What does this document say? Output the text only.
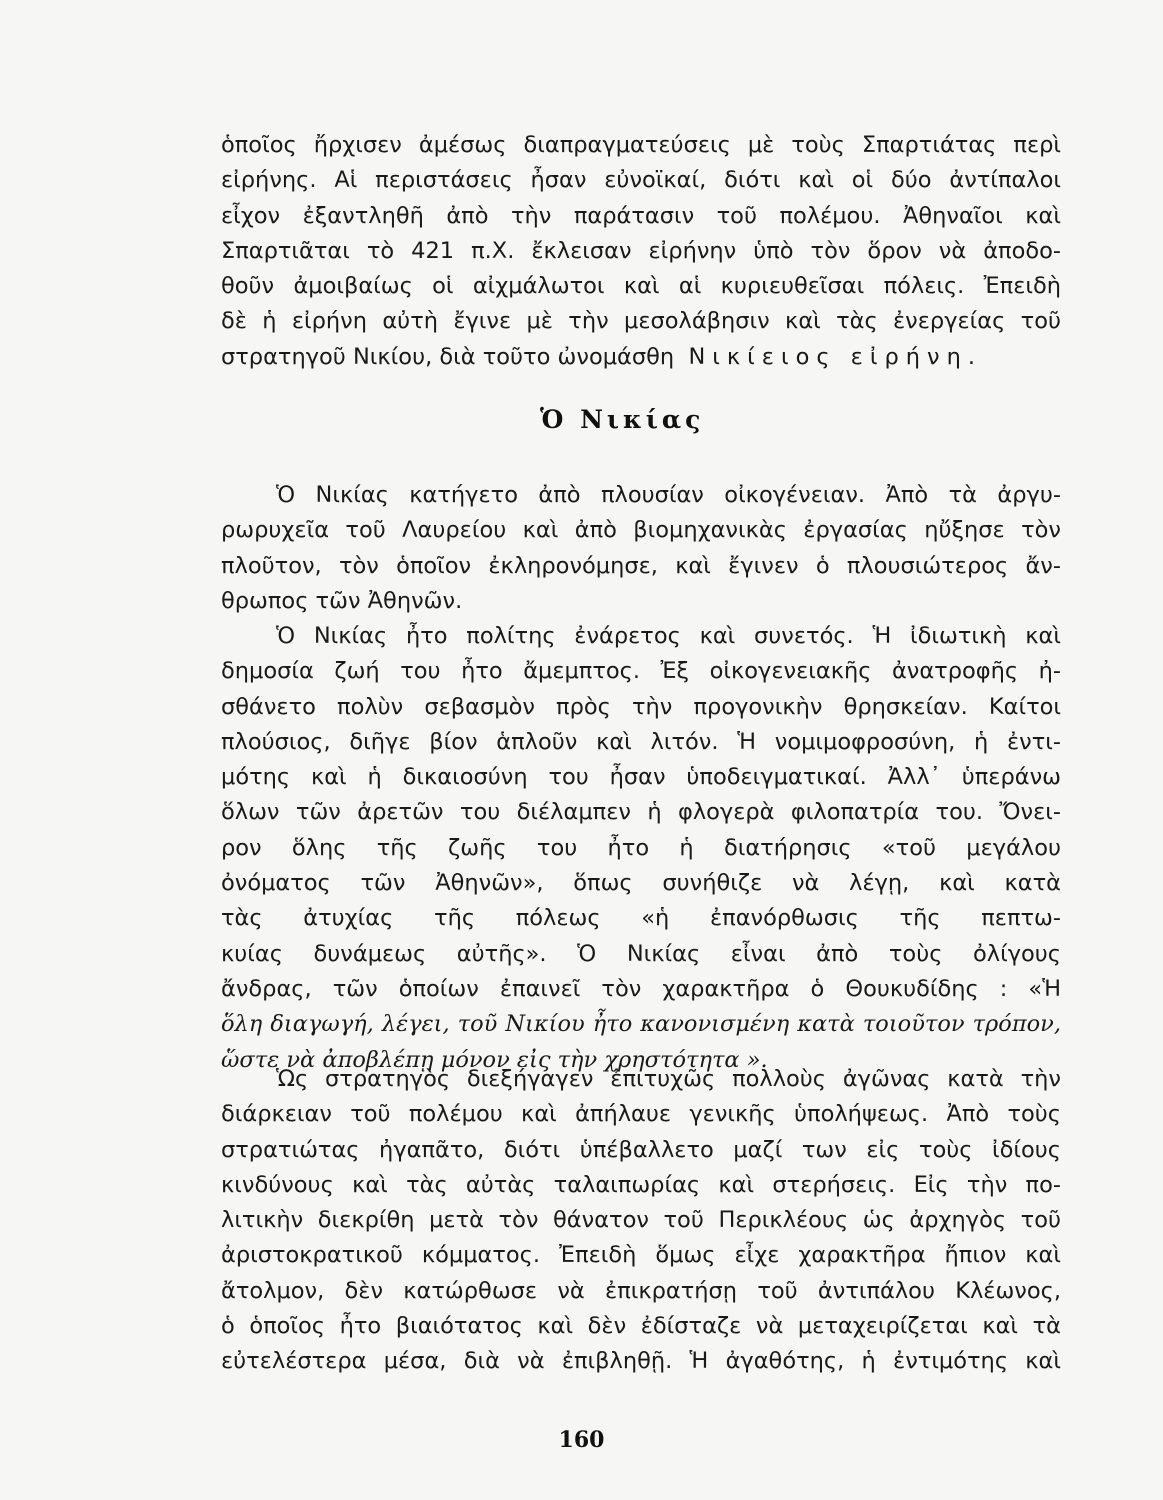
ὁποῖος ἤρχισεν ἀμέσως διαπραγματεύσεις μὲ τοὺς Σπαρτιάτας περὶ
εἰρήνης. Αἱ περιστάσεις ἦσαν εὐνοϊκαί, διότι καὶ οἱ δύο ἀντίπαλοι
εἶχον ἐξαντληθῆ ἀπὸ τὴν παράτασιν τοῦ πολέμου. Ἀθηναῖοι καὶ
Σπαρτιᾶται τὸ 421 π.Χ. ἔκλεισαν εἰρήνην ὑπὸ τὸν ὅρον νὰ ἀποδο-
θοῦν ἀμοιβαίως οἱ αἰχμάλωτοι καὶ αἱ κυριευθεῖσαι πόλεις. Ἐπειδὴ
δὲ ἡ εἰρήνη αὐτὴ ἔγινε μὲ τὴν μεσολάβησιν καὶ τὰς ἐνεργείας τοῦ
στρατηγοῦ Νικίου, διὰ τοῦτο ὠνομάσθη Νικίειος εἰρήνη.
Ὁ Νικίας
Ὁ Νικίας κατήγετο ἀπὸ πλουσίαν οἰκογένειαν. Ἀπὸ τὰ ἀργυ-
ρωρυχεῖα τοῦ Λαυρείου καὶ ἀπὸ βιομηχανικὰς ἐργασίας ηὔξησε τὸν
πλοῦτον, τὸν ὁποῖον ἐκληρονόμησε, καὶ ἔγινεν ὁ πλουσιώτερος ἄν-
θρωπος τῶν Ἀθηνῶν.
Ὁ Νικίας ἦτο πολίτης ἐνάρετος καὶ συνετός. Ἡ ἰδιωτικὴ καὶ
δημοσία ζωή του ἦτο ἄμεμπτος. Ἐξ οἰκογενειακῆς ἀνατροφῆς ἠ-
σθάνετο πολὺν σεβασμὸν πρὸς τὴν προγονικὴν θρησκείαν. Καίτοι
πλούσιος, διῆγε βίον ἁπλοῦν καὶ λιτόν. Ἡ νομιμοφροσύνη, ἡ ἐντι-
μότης καὶ ἡ δικαιοσύνη του ἦσαν ὑποδειγματικαί. Ἀλλ᾿ ὑπεράνω
ὅλων τῶν ἀρετῶν του διέλαμπεν ἡ φλογερὰ φιλοπατρία του. Ὄνει-
ρον ὅλης τῆς ζωῆς του ἦτο ἡ διατήρησις «τοῦ μεγάλου
ὀνόματος τῶν Ἀθηνῶν», ὅπως συνήθιζε νὰ λέγῃ, καὶ κατὰ
τὰς ἀτυχίας τῆς πόλεως «ἡ ἐπανόρθωσις τῆς πεπτω-
κυίας δυνάμεως αὐτῆς». Ὁ Νικίας εἶναι ἀπὸ τοὺς ὀλίγους
ἄνδρας, τῶν ὁποίων ἐπαινεῖ τὸν χαρακτῆρα ὁ Θουκυδίδης : «Ἡ
ὅλη διαγωγή, λέγει, τοῦ Νικίου ἦτο κανονισμένη κατὰ τοιοῦτον τρόπον,
ὥστε νὰ ἀποβλέπῃ μόνον εἰς τὴν χρηστότητα ».
Ὡς στρατηγὸς διεξήγαγεν ἐπιτυχῶς πολλοὺς ἀγῶνας κατὰ τὴν
διάρκειαν τοῦ πολέμου καὶ ἀπήλαυε γενικῆς ὑπολήψεως. Ἀπὸ τοὺς
στρατιώτας ἠγαπᾶτο, διότι ὑπέβαλλετο μαζί των εἰς τοὺς ἰδίους
κινδύνους καὶ τὰς αὐτὰς ταλαιπωρίας καὶ στερήσεις. Εἰς τὴν πο-
λιτικὴν διεκρίθη μετὰ τὸν θάνατον τοῦ Περικλέους ὡς ἀρχηγὸς τοῦ
ἀριστοκρατικοῦ κόμματος. Ἐπειδὴ ὅμως εἶχε χαρακτῆρα ἤπιον καὶ
ἄτολμον, δὲν κατώρθωσε νὰ ἐπικρατήσῃ τοῦ ἀντιπάλου Κλέωνος,
ὁ ὁποῖος ἦτο βιαιότατος καὶ δὲν ἐδίσταζε νὰ μεταχειρίζεται καὶ τὰ
εὐτελέστερα μέσα, διὰ νὰ ἐπιβληθῇ. Ἡ ἀγαθότης, ἡ ἐντιμότης καὶ
160
